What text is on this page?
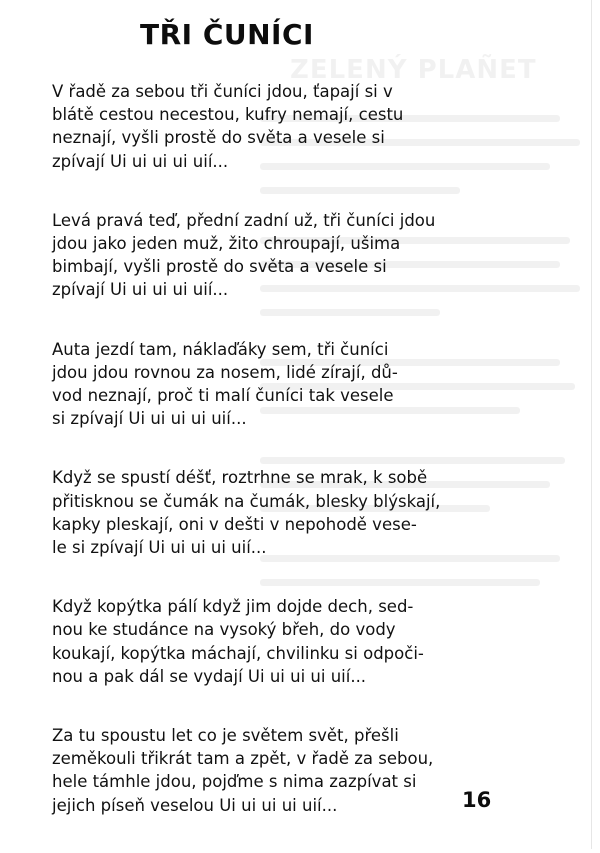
ZELENÝ PLAÑET
TŘI ČUNÍCI

V řadě za sebou tři čuníci jdou, ťapají si v
blátě cestou necestou, kufry nemají, cestu
neznají, vyšli prostě do světa a vesele si
zpívají Ui ui ui ui uií...

Levá pravá teď, přední zadní už, tři čuníci jdou
jdou jako jeden muž, žito chroupají, ušima
bimbají, vyšli prostě do světa a vesele si
zpívají Ui ui ui ui uií...

Auta jezdí tam, náklaďáky sem, tři čuníci
jdou jdou rovnou za nosem, lidé zírají, dů-
vod neznají, proč ti malí čuníci tak vesele
si zpívají Ui ui ui ui uií...

Když se spustí déšť, roztrhne se mrak, k sobě
přitisknou se čumák na čumák, blesky blýskají,
kapky pleskají, oni v dešti v nepohodě vese-
le si zpívají Ui ui ui ui uií...

Když kopýtka pálí když jim dojde dech, sed-
nou ke studánce na vysoký břeh, do vody
koukají, kopýtka máchají, chvilinku si odpoči-
nou a pak dál se vydají Ui ui ui ui uií...

Za tu spoustu let co je světem svět, přešli
zeměkouli třikrát tam a zpět, v řadě za sebou,
hele támhle jdou, pojďme s nima zazpívat si
jejich píseň veselou Ui ui ui ui uií...	16
